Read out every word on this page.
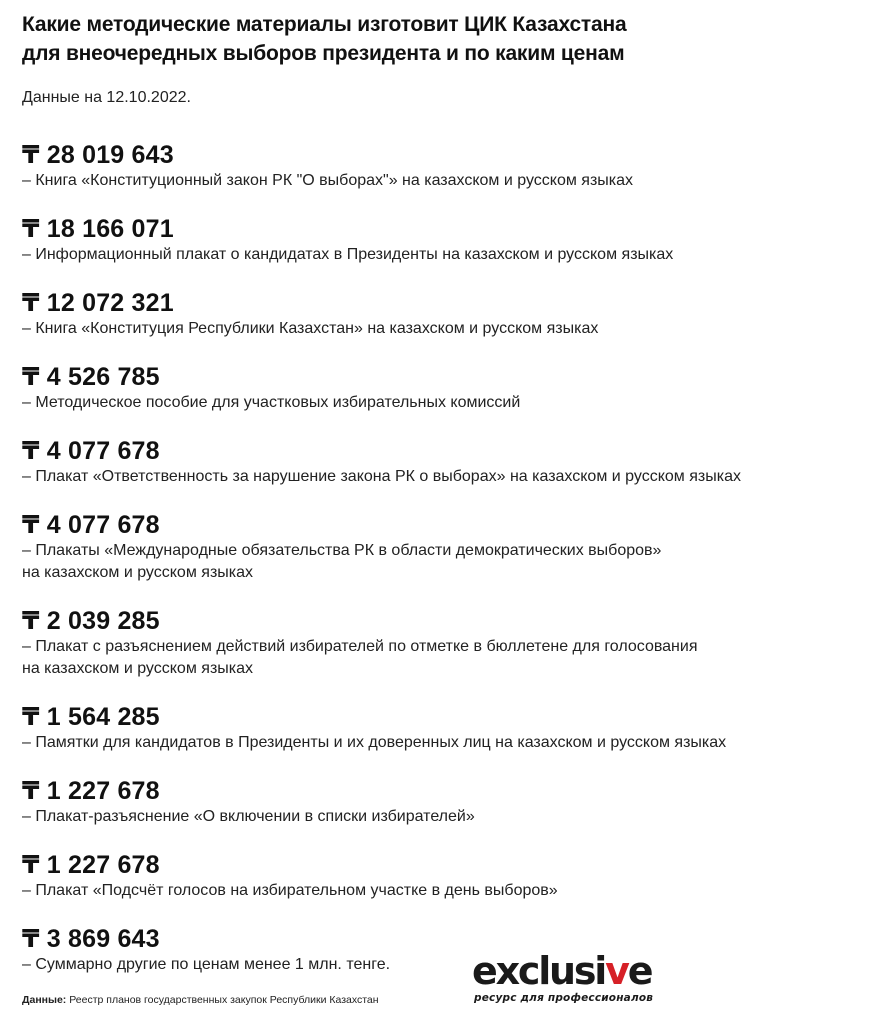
Какие методические материалы изготовит ЦИК Казахстана
для внеочередных выборов президента и по каким ценам
Данные на 12.10.2022.
₸ 28 019 643
– Книга «Конституционный закон РК "О выборах"» на казахском и русском языках
₸ 18 166 071
– Информационный плакат о кандидатах в Президенты на казахском и русском языках
₸ 12 072 321
– Книга «Конституция Республики Казахстан» на казахском и русском языках
₸ 4 526 785
– Методическое пособие для участковых избирательных комиссий
₸ 4 077 678
– Плакат «Ответственность за нарушение закона РК о выборах» на казахском и русском языках
₸ 4 077 678
– Плакаты «Международные обязательства РК в области демократических выборов»
на казахском и русском языках
₸ 2 039 285
– Плакат с разъяснением действий избирателей по отметке в бюллетене для голосования
на казахском и русском языках
₸ 1 564 285
– Памятки для кандидатов в Президенты и их доверенных лиц на казахском и русском языках
₸ 1 227 678
– Плакат-разъяснение «О включении в списки избирателей»
₸ 1 227 678
– Плакат «Подсчёт голосов на избирательном участке в день выборов»
₸ 3 869 643
– Суммарно другие по ценам менее 1 млн. тенге.
Данные: Реестр планов государственных закупок Республики Казахстан
exclusive
ресурс для профессионалов
